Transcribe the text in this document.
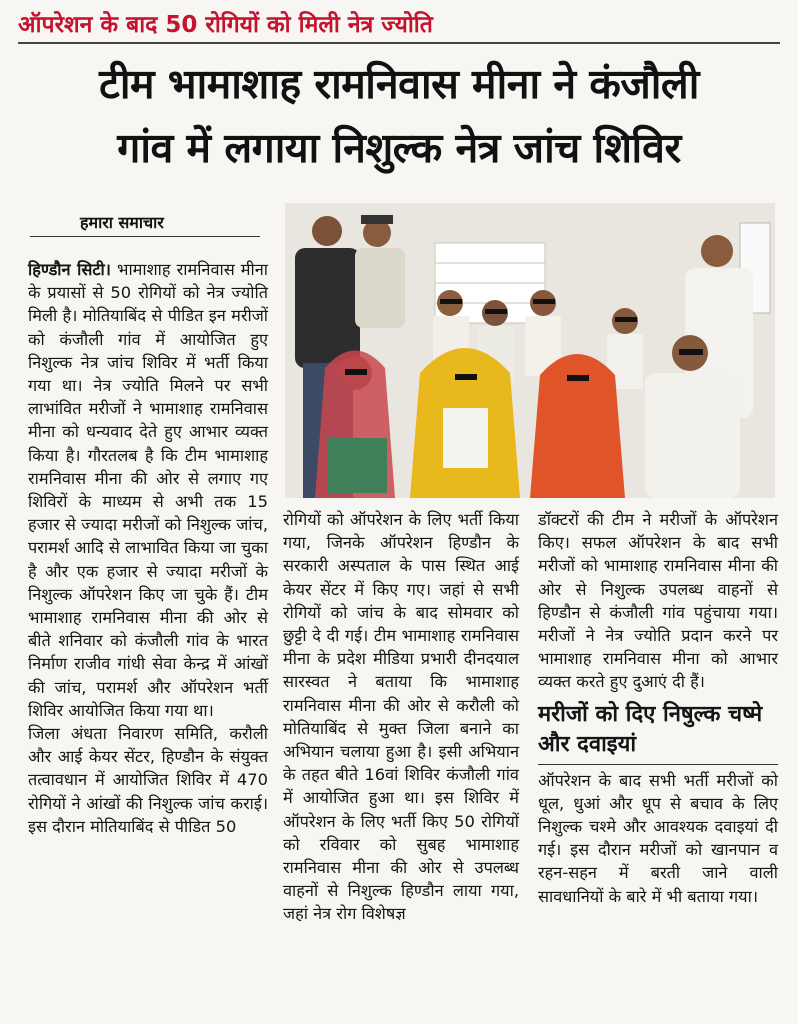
ऑपरेशन के बाद 50 रोगियों को मिली नेत्र ज्योति
टीम भामाशाह रामनिवास मीना ने कंजौली
गांव में लगाया निशुल्क नेत्र जांच शिविर
हमारा समाचार

हिण्डौन सिटी। भामाशाह रामनिवास मीना के प्रयासों से 50 रोगियों को नेत्र ज्योति मिली है। मोतियाबिंद से पीडित इन मरीजों को कंजौली गांव में आयोजित हुए निशुल्क नेत्र जांच शिविर में भर्ती किया गया था। नेत्र ज्योति मिलने पर सभी लाभांवित मरीजों ने भामाशाह रामनिवास मीना को धन्यवाद देते हुए आभार व्यक्त किया है। गौरतलब है कि टीम भामाशाह रामनिवास मीना की ओर से लगाए गए शिविरों के माध्यम से अभी तक 15 हजार से ज्यादा मरीजों को निशुल्क जांच, परामर्श आदि से लाभावित किया जा चुका है और एक हजार से ज्यादा मरीजों के निशुल्क ऑपरेशन किए जा चुके हैं। टीम भामाशाह रामनिवास मीना की ओर से बीते शनिवार को कंजौली गांव के भारत निर्माण राजीव गांधी सेवा केन्द्र में आंखों की जांच, परामर्श और ऑपरेशन भर्ती शिविर आयोजित किया गया था।

जिला अंधता निवारण समिति, करौली और आई केयर सेंटर, हिण्डौन के संयुक्त तत्वावधान में आयोजित शिविर में 470 रोगियों ने आंखों की निशुल्क जांच कराई। इस दौरान मोतियाबिंद से पीडित 50

रोगियों को ऑपरेशन के लिए भर्ती किया गया, जिनके ऑपरेशन हिण्डौन के सरकारी अस्पताल के पास स्थित आई केयर सेंटर में किए गए। जहां से सभी रोगियों को जांच के बाद सोमवार को छुट्टी दे दी गई। टीम भामाशाह रामनिवास मीना के प्रदेश मीडिया प्रभारी दीनदयाल सारस्वत ने बताया कि भामाशाह रामनिवास मीना की ओर से करौली को मोतियाबिंद से मुक्त जिला बनाने का अभियान चलाया हुआ है। इसी अभियान के तहत बीते 16वां शिविर कंजौली गांव में आयोजित हुआ था। इस शिविर में ऑपरेशन के लिए भर्ती किए 50 रोगियों को रविवार को सुबह भामाशाह रामनिवास मीना की ओर से उपलब्ध वाहनों से निशुल्क हिण्डौन लाया गया, जहां नेत्र रोग विशेषज्ञ

डॉक्टरों की टीम ने मरीजों के ऑपरेशन किए। सफल ऑपरेशन के बाद सभी मरीजों को भामाशाह रामनिवास मीना की ओर से निशुल्क उपलब्ध वाहनों से हिण्डौन से कंजौली गांव पहुंचाया गया। मरीजों ने नेत्र ज्योति प्रदान करने पर भामाशाह रामनिवास मीना को आभार व्यक्त करते हुए दुआएं दी हैं।

मरीजों को दिए निषुल्क चष्मे और दवाइयां

ऑपरेशन के बाद सभी भर्ती मरीजों को धूल, धुआं और धूप से बचाव के लिए निशुल्क चश्मे और आवश्यक दवाइयां दी गई। इस दौरान मरीजों को खानपान व रहन-सहन में बरती जाने वाली सावधानियों के बारे में भी बताया गया।
